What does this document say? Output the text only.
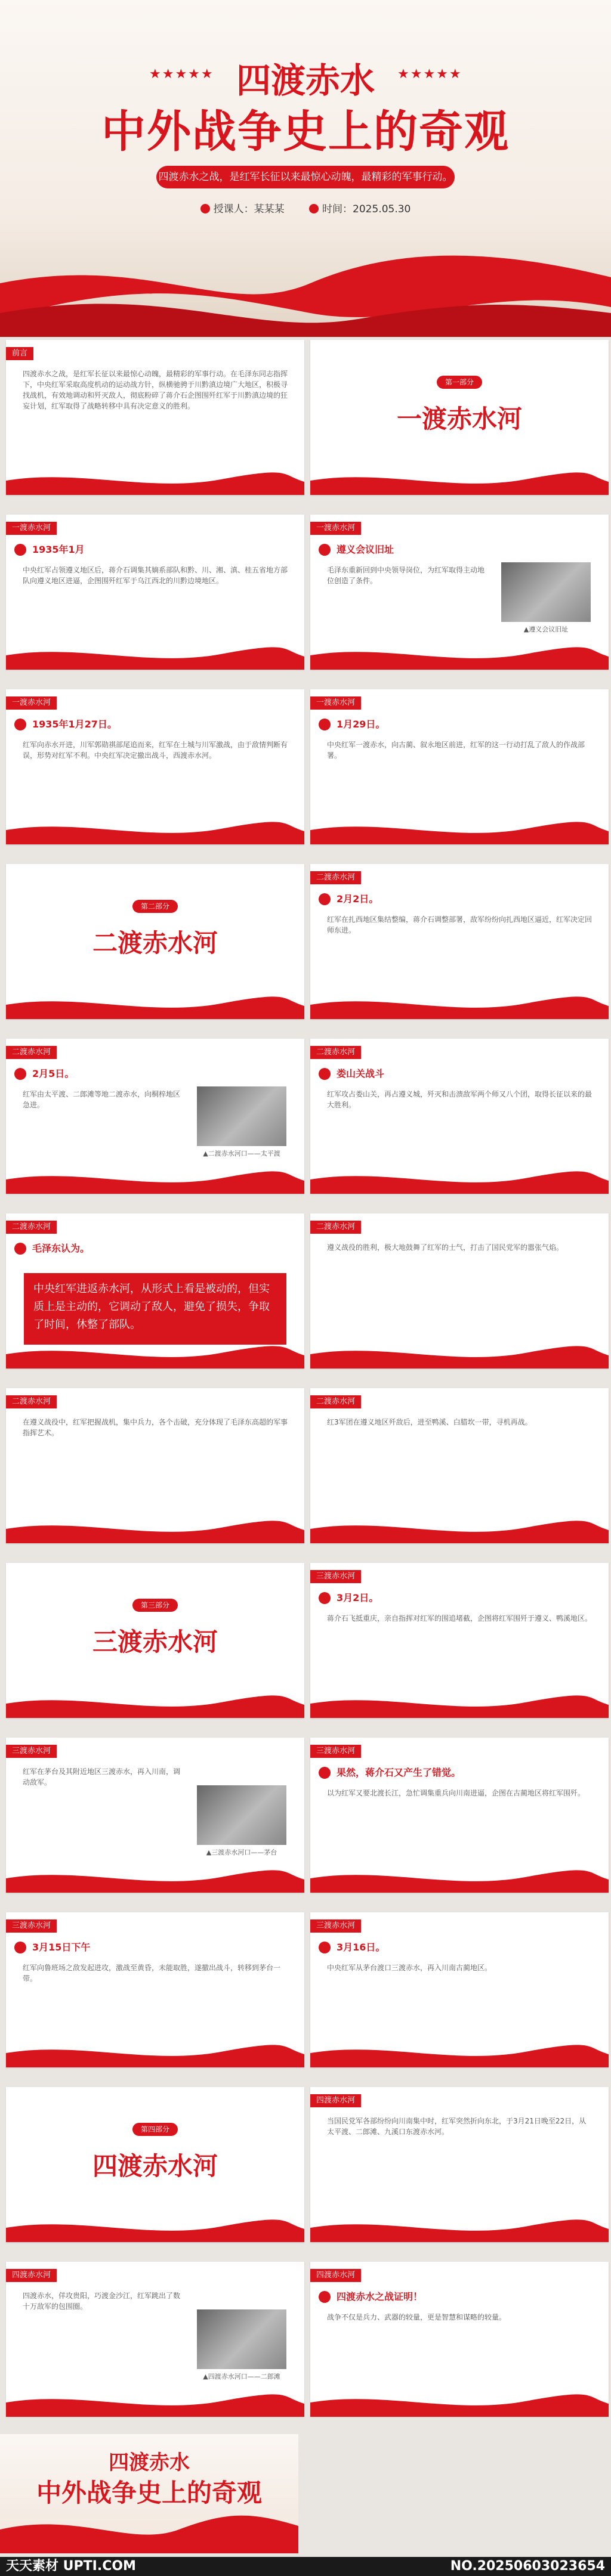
★★★★★	★★★★★
四渡赤水
中外战争史上的奇观
四渡赤水之战，是红军长征以来最惊心动魄，最精彩的军事行动。
授课人：某某某	时间：2025.05.30
前言
四渡赤水之战，是红军长征以来最惊心动魄，最精彩的军事行动。在毛泽东同志指挥下，中央红军采取高度机动的运动战方针，纵横驰骋于川黔滇边境广大地区，积极寻找战机，有效地调动和歼灭敌人，彻底粉碎了蒋介石企图围歼红军于川黔滇边境的狂妄计划，红军取得了战略转移中具有决定意义的胜利。
第一部分
一渡赤水河
一渡赤水河
1935年1月
中央红军占领遵义地区后，蒋介石调集其嫡系部队和黔、川、湘、滇、桂五省地方部队向遵义地区进逼，企图围歼红军于乌江西北的川黔边境地区。
一渡赤水河
遵义会议旧址
毛泽东重新回到中央领导岗位，为红军取得主动地位创造了条件。
▲遵义会议旧址
一渡赤水河
1935年1月27日。
红军向赤水开进，川军郭勋祺部尾追而来，红军在土城与川军激战，由于敌情判断有误，形势对红军不利。中央红军决定撤出战斗，西渡赤水河。
一渡赤水河
1月29日。
中央红军一渡赤水，向古蔺、叙永地区前进，红军的这一行动打乱了敌人的作战部署。
第二部分
二渡赤水河
二渡赤水河
2月2日。
红军在扎西地区集结整编，蒋介石调整部署，敌军纷纷向扎西地区逼近，红军决定回师东进。
二渡赤水河
2月5日。
红军由太平渡、二郎滩等地二渡赤水，向桐梓地区急进。
▲二渡赤水河口——太平渡
二渡赤水河
娄山关战斗
红军攻占娄山关，再占遵义城，歼灭和击溃敌军两个师又八个团，取得长征以来的最大胜利。
二渡赤水河
毛泽东认为。
中央红军进返赤水河，从形式上看是被动的，但实质上是主动的，它调动了敌人，避免了损失，争取了时间，休整了部队。
二渡赤水河
遵义战役的胜利，极大地鼓舞了红军的士气，打击了国民党军的嚣张气焰。
二渡赤水河
在遵义战役中，红军把握战机，集中兵力，各个击破，充分体现了毛泽东高超的军事指挥艺术。
二渡赤水河
红3军团在遵义地区歼敌后，进至鸭溪、白腊坎一带，寻机再战。
第三部分
三渡赤水河
三渡赤水河
3月2日。
蒋介石飞抵重庆，亲自指挥对红军的围追堵截，企图将红军围歼于遵义、鸭溪地区。
三渡赤水河
红军在茅台及其附近地区三渡赤水，再入川南，调动敌军。
▲三渡赤水河口——茅台
三渡赤水河
果然，蒋介石又产生了错觉。
以为红军又要北渡长江，急忙调集重兵向川南进逼，企图在古蔺地区将红军围歼。
三渡赤水河
3月15日下午
红军向鲁班场之敌发起进攻，激战至黄昏，未能取胜，遂撤出战斗，转移到茅台一带。
三渡赤水河
3月16日。
中央红军从茅台渡口三渡赤水，再入川南古蔺地区。
第四部分
四渡赤水河
四渡赤水河
当国民党军各部纷纷向川南集中时，红军突然折向东北，于3月21日晚至22日，从太平渡、二郎滩、九溪口东渡赤水河。
四渡赤水河
四渡赤水，佯攻贵阳，巧渡金沙江，红军跳出了数十万敌军的包围圈。
▲四渡赤水河口——二郎滩
四渡赤水河
四渡赤水之战证明！
战争不仅是兵力、武器的较量，更是智慧和谋略的较量。
四渡赤水
中外战争史上的奇观
天天素材 UPTI.COM	NO.20250603023654
